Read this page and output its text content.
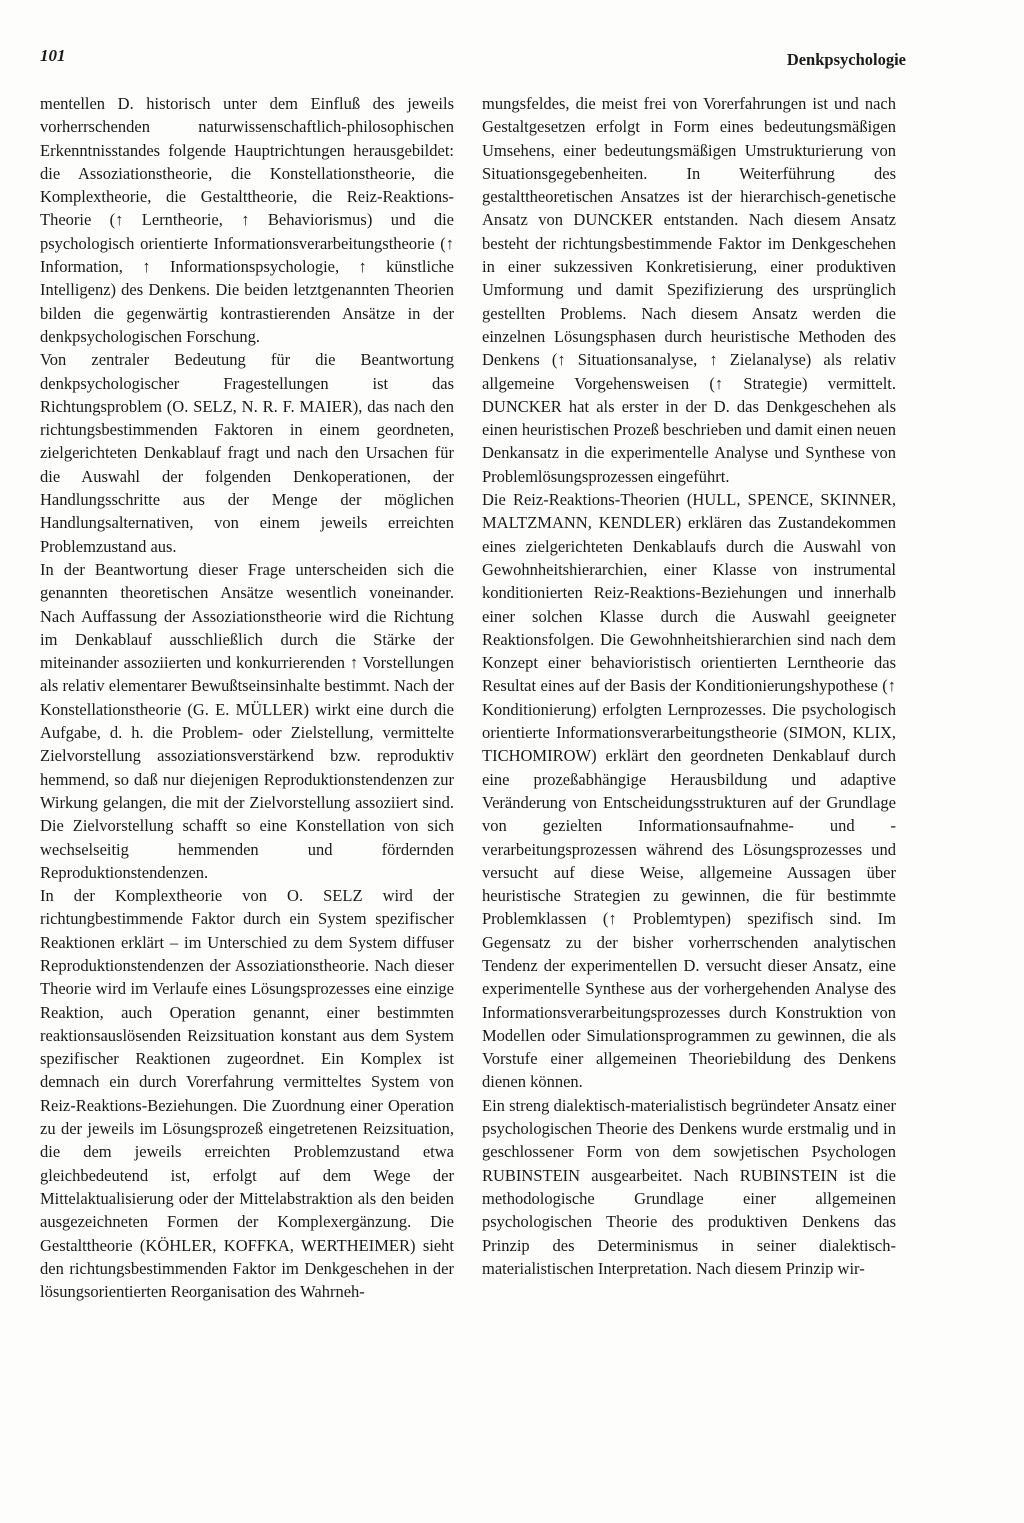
101	Denkpsychologie

mentellen D. historisch unter dem Einfluß des jeweils vorherrschenden naturwissenschaftlich-philosophischen Erkenntnisstandes folgende Hauptrichtungen herausgebildet: die Assoziationstheorie, die Konstellationstheorie, die Komplextheorie, die Gestalttheorie, die Reiz-Reaktions-Theorie (↑ Lerntheorie, ↑ Behaviorismus) und die psychologisch orientierte Informationsverarbeitungstheorie (↑ Information, ↑ Informationspsychologie, ↑ künstliche Intelligenz) des Denkens. Die beiden letztgenannten Theorien bilden die gegenwärtig kontrastierenden Ansätze in der denkpsychologischen Forschung.

Von zentraler Bedeutung für die Beantwortung denkpsychologischer Fragestellungen ist das Richtungsproblem (O. SELZ, N. R. F. MAIER), das nach den richtungsbestimmenden Faktoren in einem geordneten, zielgerichteten Denkablauf fragt und nach den Ursachen für die Auswahl der folgenden Denkoperationen, der Handlungsschritte aus der Menge der möglichen Handlungsalternativen, von einem jeweils erreichten Problemzustand aus.

In der Beantwortung dieser Frage unterscheiden sich die genannten theoretischen Ansätze wesentlich voneinander. Nach Auffassung der Assoziationstheorie wird die Richtung im Denkablauf ausschließlich durch die Stärke der miteinander assoziierten und konkurrierenden ↑ Vorstellungen als relativ elementarer Bewußtseinsinhalte bestimmt. Nach der Konstellationstheorie (G. E. MÜLLER) wirkt eine durch die Aufgabe, d. h. die Problem- oder Zielstellung, vermittelte Zielvorstellung assoziationsverstärkend bzw. reproduktiv hemmend, so daß nur diejenigen Reproduktionstendenzen zur Wirkung gelangen, die mit der Zielvorstellung assoziiert sind. Die Zielvorstellung schafft so eine Konstellation von sich wechselseitig hemmenden und fördernden Reproduktionstendenzen.

In der Komplextheorie von O. SELZ wird der richtungbestimmende Faktor durch ein System spezifischer Reaktionen erklärt – im Unterschied zu dem System diffuser Reproduktionstendenzen der Assoziationstheorie. Nach dieser Theorie wird im Verlaufe eines Lösungsprozesses eine einzige Reaktion, auch Operation genannt, einer bestimmten reaktionsauslösenden Reizsituation konstant aus dem System spezifischer Reaktionen zugeordnet. Ein Komplex ist demnach ein durch Vorerfahrung vermitteltes System von Reiz-Reaktions-Beziehungen. Die Zuordnung einer Operation zu der jeweils im Lösungsprozeß eingetretenen Reizsituation, die dem jeweils erreichten Problemzustand etwa gleichbedeutend ist, erfolgt auf dem Wege der Mittelaktualisierung oder der Mittelabstraktion als den beiden ausgezeichneten Formen der Komplexergänzung. Die Gestalttheorie (KÖHLER, KOFFKA, WERTHEIMER) sieht den richtungsbestimmenden Faktor im Denkgeschehen in der lösungsorientierten Reorganisation des Wahrneh-

mungsfeldes, die meist frei von Vorerfahrungen ist und nach Gestaltgesetzen erfolgt in Form eines bedeutungsmäßigen Umsehens, einer bedeutungsmäßigen Umstrukturierung von Situationsgegebenheiten. In Weiterführung des gestalttheoretischen Ansatzes ist der hierarchisch-genetische Ansatz von DUNCKER entstanden. Nach diesem Ansatz besteht der richtungsbestimmende Faktor im Denkgeschehen in einer sukzessiven Konkretisierung, einer produktiven Umformung und damit Spezifizierung des ursprünglich gestellten Problems. Nach diesem Ansatz werden die einzelnen Lösungsphasen durch heuristische Methoden des Denkens (↑ Situationsanalyse, ↑ Zielanalyse) als relativ allgemeine Vorgehensweisen (↑ Strategie) vermittelt. DUNCKER hat als erster in der D. das Denkgeschehen als einen heuristischen Prozeß beschrieben und damit einen neuen Denkansatz in die experimentelle Analyse und Synthese von Problemlösungsprozessen eingeführt.

Die Reiz-Reaktions-Theorien (HULL, SPENCE, SKINNER, MALTZMANN, KENDLER) erklären das Zustandekommen eines zielgerichteten Denkablaufs durch die Auswahl von Gewohnheitshierarchien, einer Klasse von instrumental konditionierten Reiz-Reaktions-Beziehungen und innerhalb einer solchen Klasse durch die Auswahl geeigneter Reaktionsfolgen. Die Gewohnheitshierarchien sind nach dem Konzept einer behavioristisch orientierten Lerntheorie das Resultat eines auf der Basis der Konditionierungshypothese (↑ Konditionierung) erfolgten Lernprozesses. Die psychologisch orientierte Informationsverarbeitungstheorie (SIMON, KLIX, TICHOMIROW) erklärt den geordneten Denkablauf durch eine prozeßabhängige Herausbildung und adaptive Veränderung von Entscheidungsstrukturen auf der Grundlage von gezielten Informationsaufnahme- und -verarbeitungsprozessen während des Lösungsprozesses und versucht auf diese Weise, allgemeine Aussagen über heuristische Strategien zu gewinnen, die für bestimmte Problemklassen (↑ Problemtypen) spezifisch sind. Im Gegensatz zu der bisher vorherrschenden analytischen Tendenz der experimentellen D. versucht dieser Ansatz, eine experimentelle Synthese aus der vorhergehenden Analyse des Informationsverarbeitungsprozesses durch Konstruktion von Modellen oder Simulationsprogrammen zu gewinnen, die als Vorstufe einer allgemeinen Theoriebildung des Denkens dienen können.

Ein streng dialektisch-materialistisch begründeter Ansatz einer psychologischen Theorie des Denkens wurde erstmalig und in geschlossener Form von dem sowjetischen Psychologen RUBINSTEIN ausgearbeitet. Nach RUBINSTEIN ist die methodologische Grundlage einer allgemeinen psychologischen Theorie des produktiven Denkens das Prinzip des Determinismus in seiner dialektisch-materialistischen Interpretation. Nach diesem Prinzip wir-
